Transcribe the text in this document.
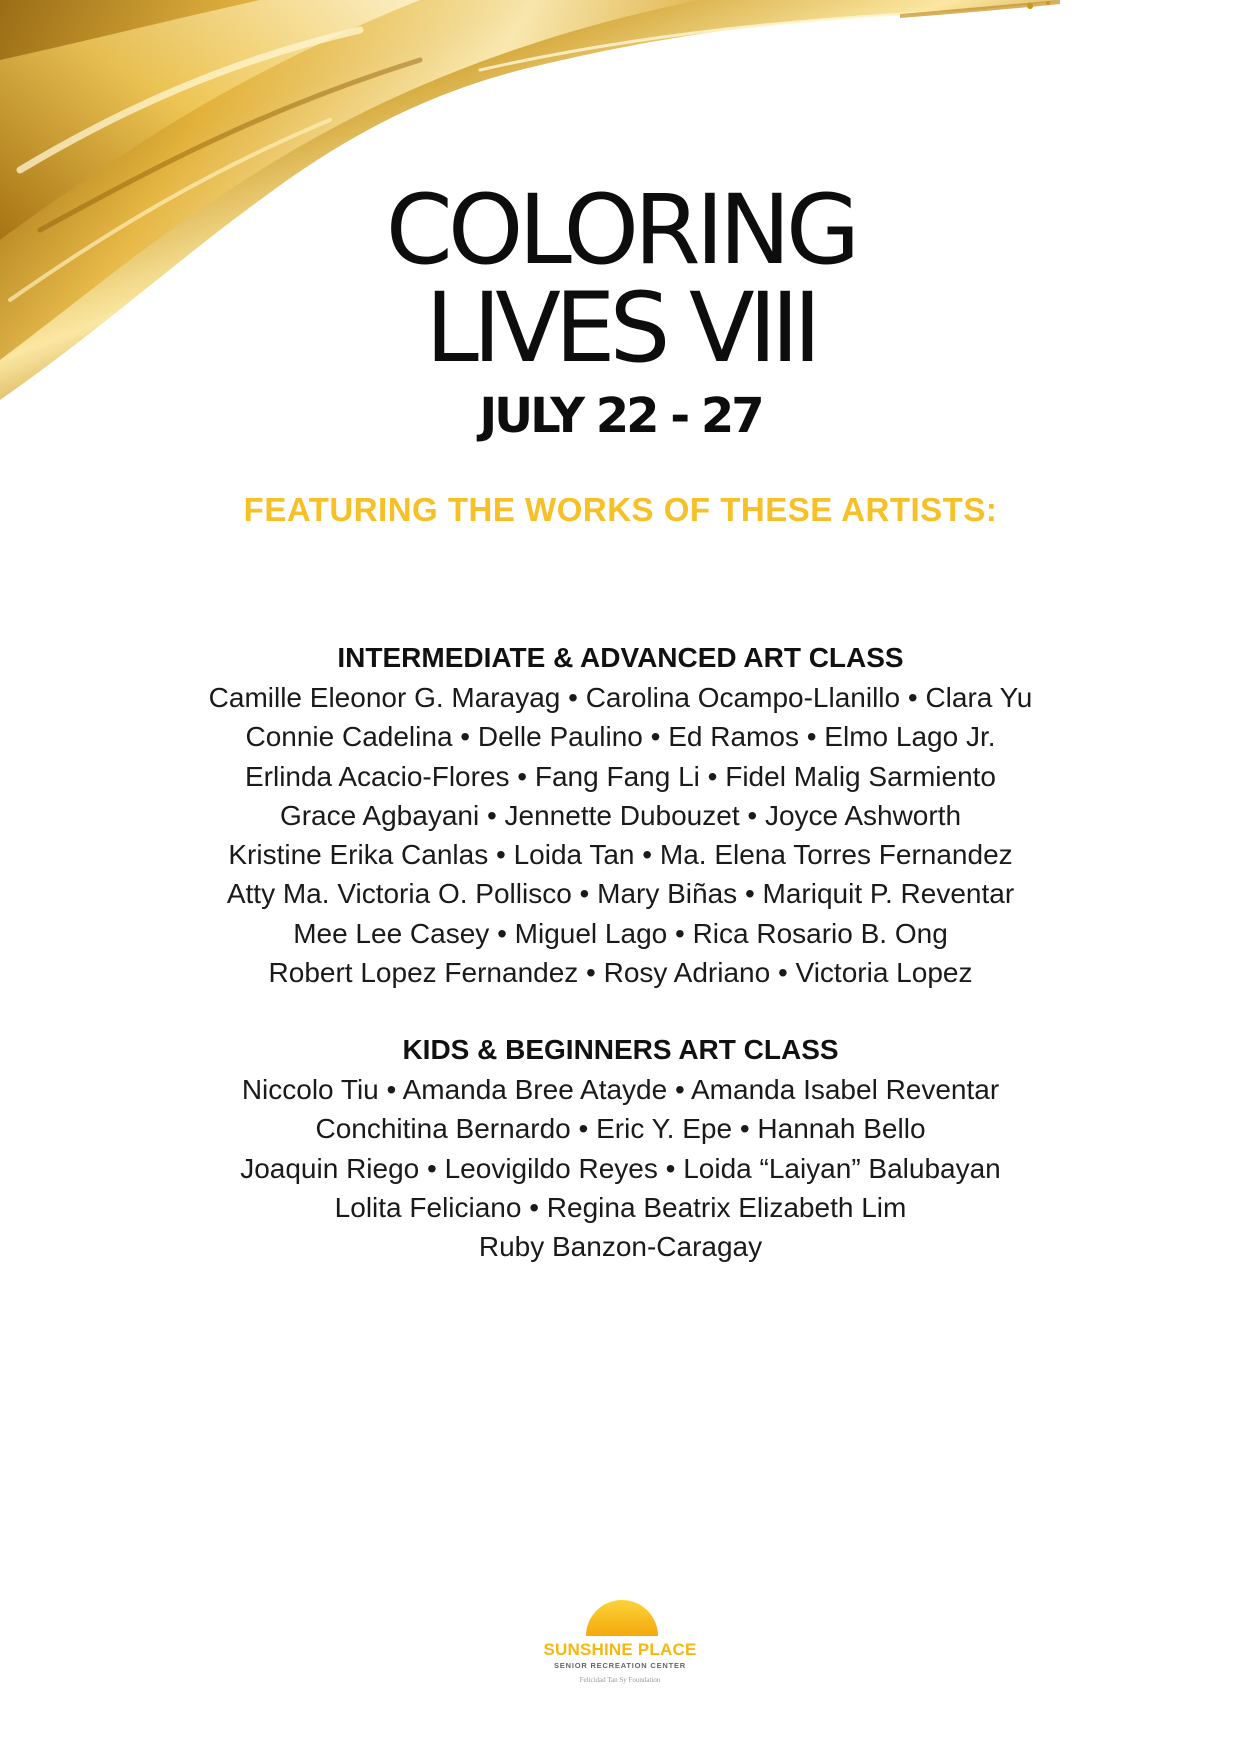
COLORING
LIVES VIII
JULY 22 - 27
FEATURING THE WORKS OF THESE ARTISTS:
INTERMEDIATE & ADVANCED ART CLASS
Camille Eleonor G. Marayag • Carolina Ocampo-Llanillo • Clara Yu
Connie Cadelina • Delle Paulino • Ed Ramos • Elmo Lago Jr.
Erlinda Acacio-Flores • Fang Fang Li • Fidel Malig Sarmiento
Grace Agbayani • Jennette Dubouzet • Joyce Ashworth
Kristine Erika Canlas • Loida Tan • Ma. Elena Torres Fernandez
Atty Ma. Victoria O. Pollisco • Mary Biñas • Mariquit P. Reventar
Mee Lee Casey • Miguel Lago • Rica Rosario B. Ong
Robert Lopez Fernandez • Rosy Adriano • Victoria Lopez
KIDS & BEGINNERS ART CLASS
Niccolo Tiu • Amanda Bree Atayde • Amanda Isabel Reventar
Conchitina Bernardo • Eric Y. Epe • Hannah Bello
Joaquin Riego • Leovigildo Reyes • Loida “Laiyan” Balubayan
Lolita Feliciano • Regina Beatrix Elizabeth Lim
Ruby Banzon-Caragay
SUNSHINE PLACE
SENIOR RECREATION CENTER
Felicidad Tan Sy Foundation
